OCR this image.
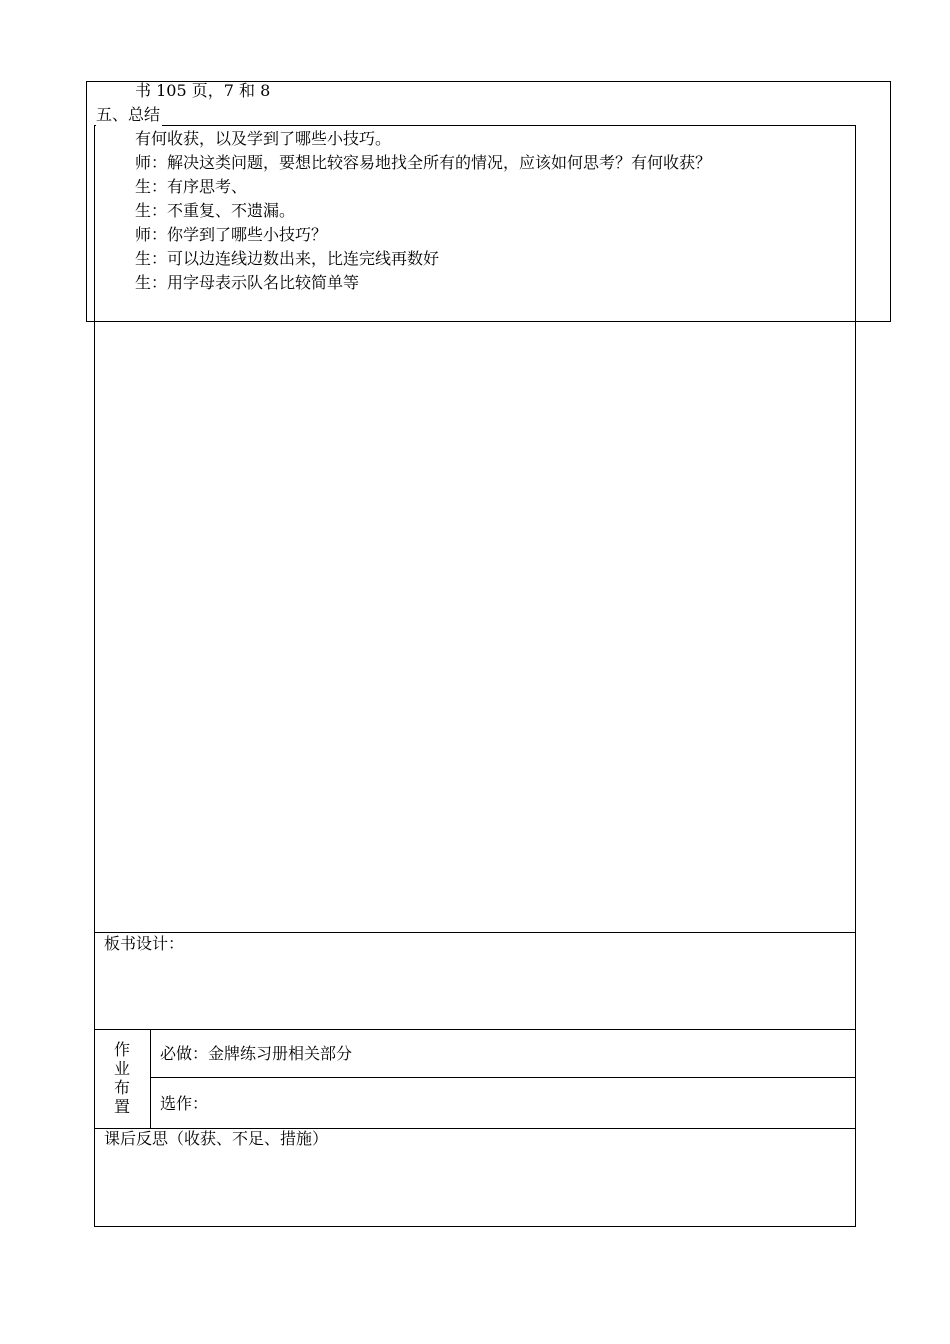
书 105 页，7 和 8
五、总结
有何收获，以及学到了哪些小技巧。
师：解决这类问题，要想比较容易地找全所有的情况，应该如何思考？有何收获？
生：有序思考、
生：不重复、不遗漏。
师：你学到了哪些小技巧？
生：可以边连线边数出来，比连完线再数好
生：用字母表示队名比较简单等
板书设计：
作
业
布
置
必做：金牌练习册相关部分
选作：
课后反思（收获、不足、措施）
